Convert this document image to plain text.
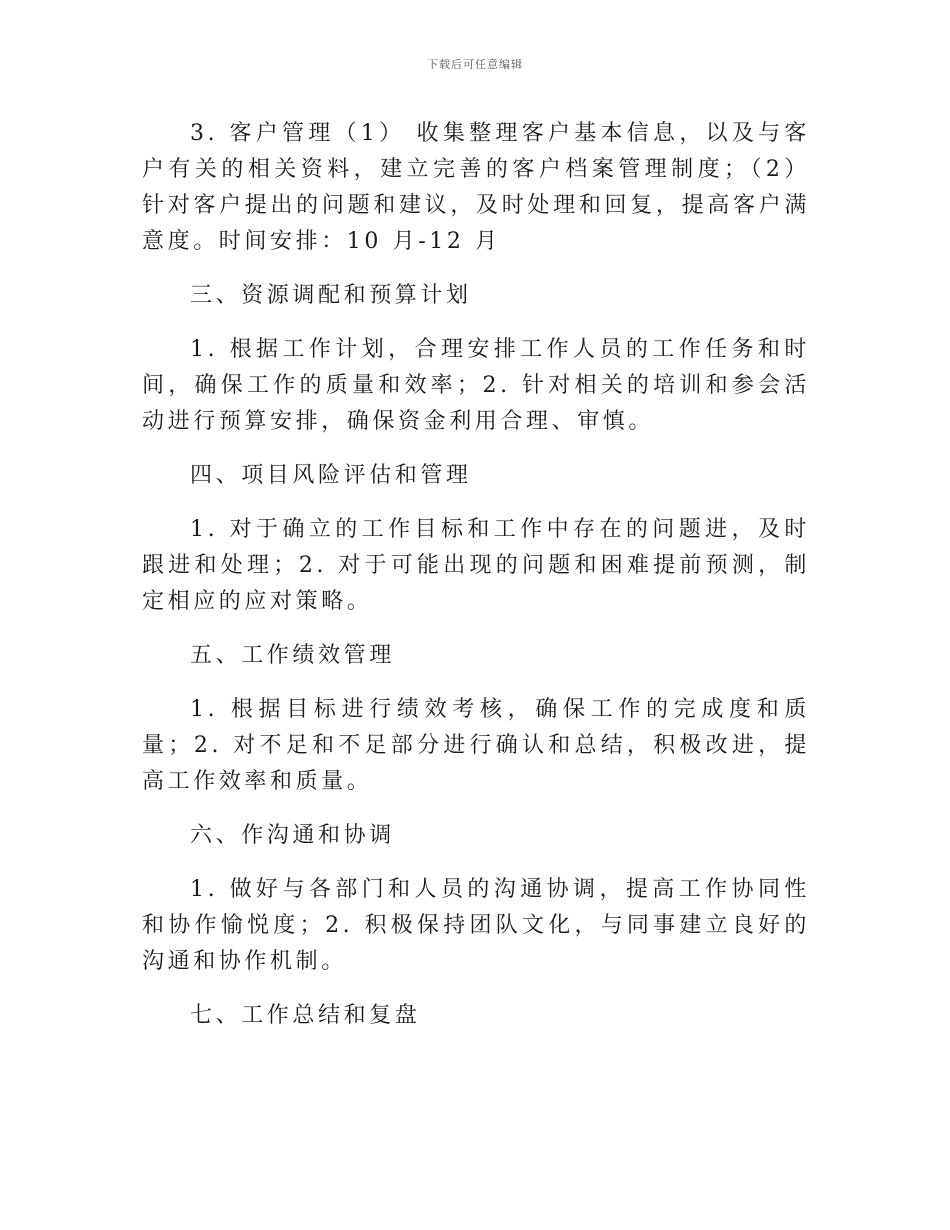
下载后可任意编辑

3. 客户管理（1） 收集整理客户基本信息，以及与客户有关的相关资料，建立完善的客户档案管理制度；（2） 针对客户提出的问题和建议，及时处理和回复，提高客户满意度。时间安排：10 月-12 月

三、资源调配和预算计划

1. 根据工作计划，合理安排工作人员的工作任务和时间，确保工作的质量和效率；2. 针对相关的培训和参会活动进行预算安排，确保资金利用合理、审慎。

四、项目风险评估和管理

1. 对于确立的工作目标和工作中存在的问题进，及时跟进和处理；2. 对于可能出现的问题和困难提前预测，制定相应的应对策略。

五、工作绩效管理

1. 根据目标进行绩效考核，确保工作的完成度和质量；2. 对不足和不足部分进行确认和总结，积极改进，提高工作效率和质量。

六、作沟通和协调

1. 做好与各部门和人员的沟通协调，提高工作协同性和协作愉悦度；2. 积极保持团队文化，与同事建立良好的沟通和协作机制。

七、工作总结和复盘
